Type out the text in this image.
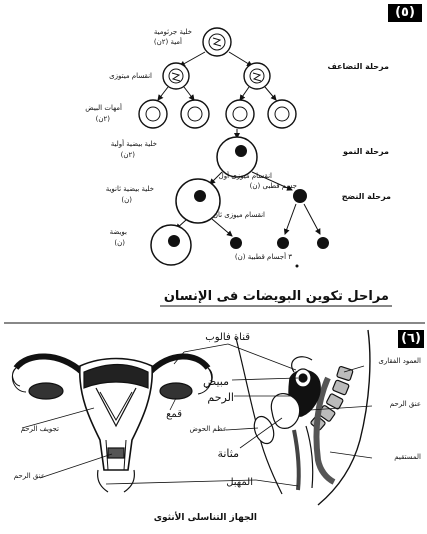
(٥)
خلية جرثومية
أمية (٢ن)
مرحلة التضاعف
انقسام ميتوزى
أمهات البيض
(٢ن)
خلية بيضية أولية
(٢ن)	مرحلة النمو
انقسام ميوزى أول
جسم قطبى (ن)
مرحلة النضج
خلية بيضية ثانوية
(ن)
انقسام ميوزى ثان
بويضة
(ن)
٣ أجسام قطبية (ن)
مراحل تكوين البويضات فى الإنسان
(٦)
قناة فالوب
مبيض
الرحم
عظم الحوض
مثانة
المهبل
العمود الفقارى
عنق الرحم
المستقيم
قمع
تجويف الرحم
عنق الرحم
الجهاز التناسلى الأنثوى
